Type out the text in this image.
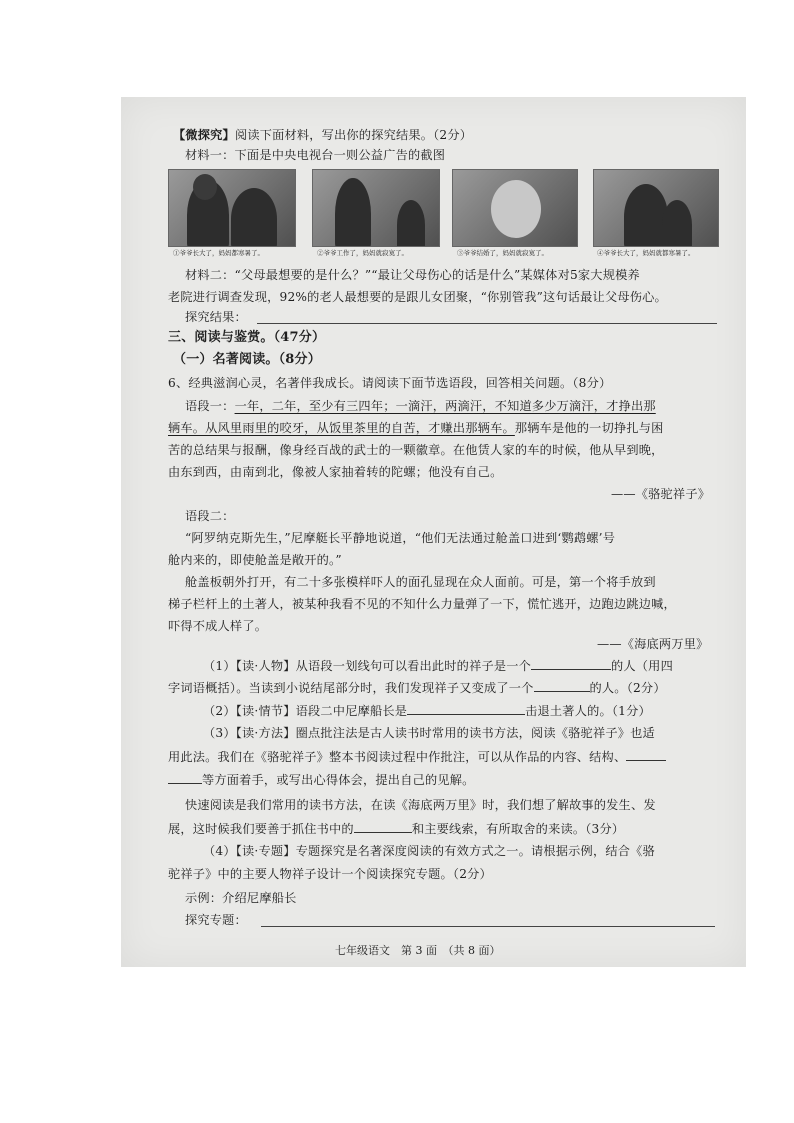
【微探究】阅读下面材料，写出你的探究结果。（2分）
材料一：下面是中央电视台一则公益广告的截图
①爷爷长大了，妈妈都寒暑了。	②爷爷工作了，妈妈就寂寞了。	③爷爷结婚了，妈妈就寂寞了。	④爷爷长大了，妈妈就都寒暑了。
材料二：“父母最想要的是什么？”“最让父母伤心的话是什么”某媒体对5家大规模养
老院进行调查发现，92%的老人最想要的是跟儿女团聚，“你别管我”这句话最让父母伤心。
探究结果：
三、阅读与鉴赏。（47分）
（一）名著阅读。（8分）
6、经典滋润心灵，名著伴我成长。请阅读下面节选语段，回答相关问题。（8分）
语段一：一年，二年，至少有三四年；一滴汗，两滴汗，不知道多少万滴汗，才挣出那
辆车。从风里雨里的咬牙，从饭里茶里的自苦，才赚出那辆车。那辆车是他的一切挣扎与困
苦的总结果与报酬，像身经百战的武士的一颗徽章。在他赁人家的车的时候，他从早到晚，
由东到西，由南到北，像被人家抽着转的陀螺；他没有自己。
——《骆驼祥子》
语段二：
“阿罗纳克斯先生，”尼摩艇长平静地说道，“他们无法通过舱盖口进到‘鹦鹉螺’号
舱内来的，即使舱盖是敞开的。”
舱盖板朝外打开，有二十多张模样吓人的面孔显现在众人面前。可是，第一个将手放到
梯子栏杆上的土著人，被某种我看不见的不知什么力量弹了一下，慌忙逃开，边跑边跳边喊，
吓得不成人样了。
——《海底两万里》
（1）【读·人物】从语段一划线句可以看出此时的祥子是一个	的人（用四
字词语概括）。当读到小说结尾部分时，我们发现祥子又变成了一个	的人。（2分）
（2）【读·情节】语段二中尼摩船长是	击退土著人的。（1分）
（3）【读·方法】圈点批注法是古人读书时常用的读书方法，阅读《骆驼祥子》也适
用此法。我们在《骆驼祥子》整本书阅读过程中作批注，可以从作品的内容、结构、
等方面着手，或写出心得体会，提出自己的见解。
快速阅读是我们常用的读书方法，在读《海底两万里》时，我们想了解故事的发生、发
展，这时候我们要善于抓住书中的	和主要线索，有所取舍的来读。（3分）
（4）【读·专题】专题探究是名著深度阅读的有效方式之一。请根据示例，结合《骆
驼祥子》中的主要人物祥子设计一个阅读探究专题。（2分）
示例：介绍尼摩船长
探究专题：
七年级语文　第 3 面　（共 8 面）
